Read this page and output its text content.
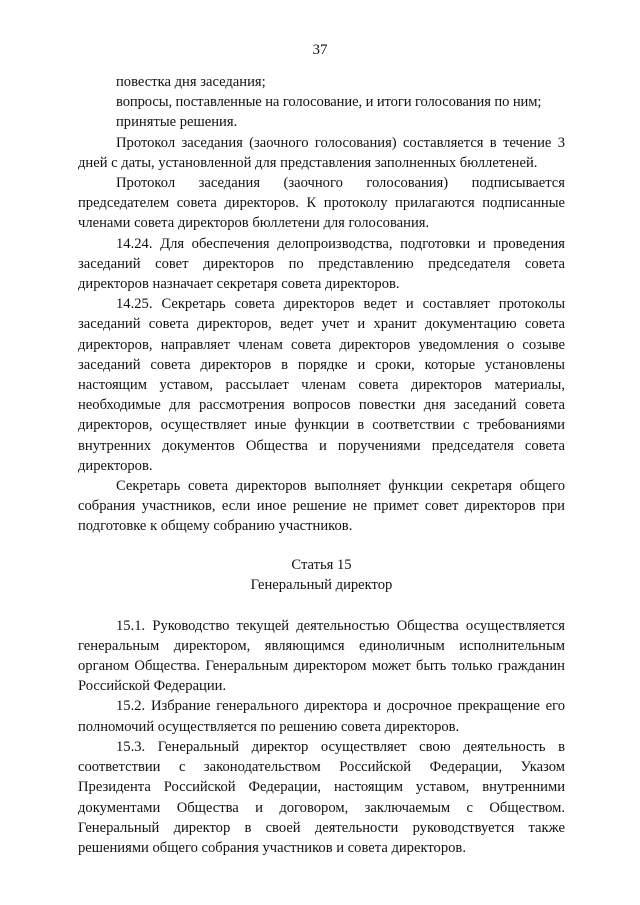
37

повестка дня заседания;

вопросы, поставленные на голосование, и итоги голосования по ним;

принятые решения.

Протокол заседания (заочного голосования) составляется в течение 3 дней с даты, установленной для представления заполненных бюллетеней.

Протокол заседания (заочного голосования) подписывается председателем совета директоров. К протоколу прилагаются подписанные членами совета директоров бюллетени для голосования.

14.24. Для обеспечения делопроизводства, подготовки и проведения заседаний совет директоров по представлению председателя совета директоров назначает секретаря совета директоров.

14.25. Секретарь совета директоров ведет и составляет протоколы заседаний совета директоров, ведет учет и хранит документацию совета директоров, направляет членам совета директоров уведомления о созыве заседаний совета директоров в порядке и сроки, которые установлены настоящим уставом, рассылает членам совета директоров материалы, необходимые для рассмотрения вопросов повестки дня заседаний совета директоров, осуществляет иные функции в соответствии с требованиями внутренних документов Общества и поручениями председателя совета директоров.

Секретарь совета директоров выполняет функции секретаря общего собрания участников, если иное решение не примет совет директоров при подготовке к общему собранию участников.

Статья 15
Генеральный директор

15.1. Руководство текущей деятельностью Общества осуществляется генеральным директором, являющимся единоличным исполнительным органом Общества. Генеральным директором может быть только гражданин Российской Федерации.

15.2. Избрание генерального директора и досрочное прекращение его полномочий осуществляется по решению совета директоров.

15.3. Генеральный директор осуществляет свою деятельность в соответствии с законодательством Российской Федерации, Указом Президента Российской Федерации, настоящим уставом, внутренними документами Общества и договором, заключаемым с Обществом. Генеральный директор в своей деятельности руководствуется также решениями общего собрания участников и совета директоров.
